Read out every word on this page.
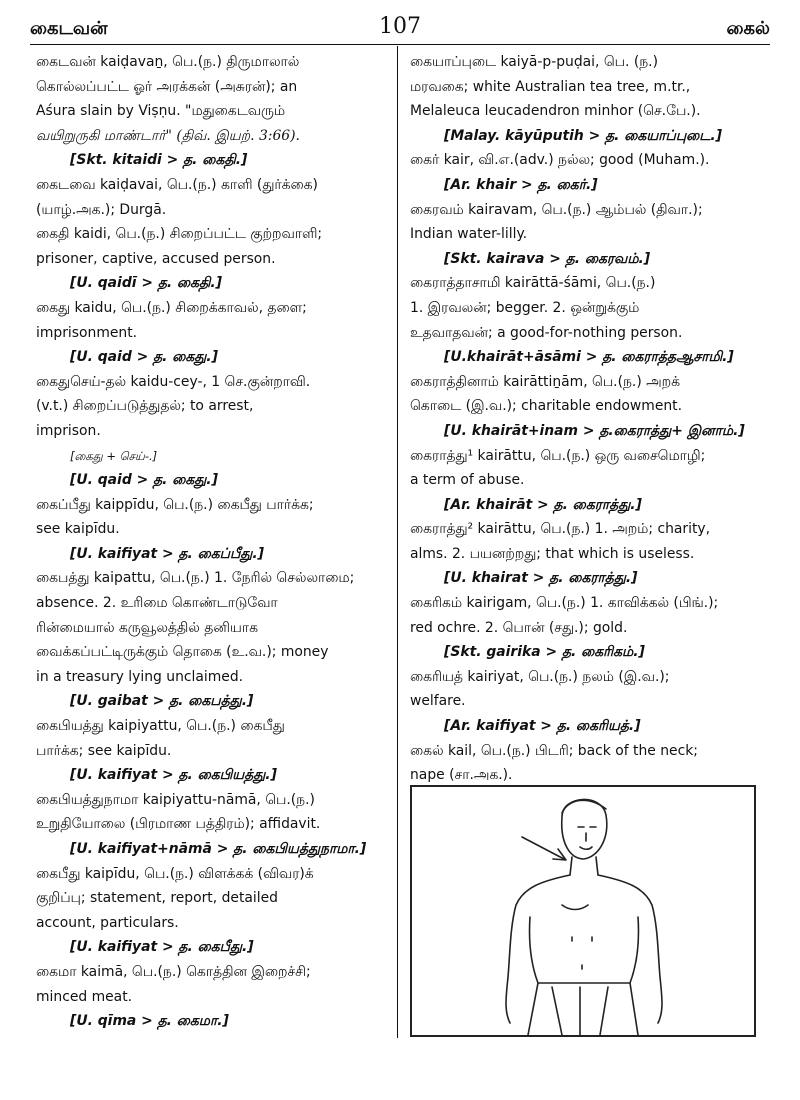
கைடவன்	107	கைல்
கைடவன் kaiḍavaṉ, பெ.(ந.) திருமாலால்
கொல்லப்பட்ட ஓர் அரக்கன் (அசுரன்); an
Aśura slain by Viṣṇu. "மதுகைடவரும்
வயிறுருகி மாண்டார்" (திவ். இயற். 3:66).
[Skt. kitaidi > த. கைதி.]
கைடவை kaiḍavai, பெ.(ந.) காளி (துர்க்கை)
(யாழ்.அக.); Durgā.
கைதி kaidi, பெ.(ந.) சிறைப்பட்ட குற்றவாளி;
prisoner, captive, accused person.
[U. qaidī > த. கைதி.]
கைது kaidu, பெ.(ந.) சிறைக்காவல், தளை;
imprisonment.
[U. qaid > த. கைது.]
கைதுசெய்-தல் kaidu-cey-, 1 செ.குன்றாவி.
(v.t.) சிறைப்படுத்துதல்; to arrest,
imprison.
[கைது + செய்-.]
[U. qaid > த. கைது.]
கைப்பீது kaippīdu, பெ.(ந.) கைபீது பார்க்க;
see kaipīdu.
[U. kaifiyat > த. கைப்பீது.]
கைபத்து kaipattu, பெ.(ந.) 1. நேரில் செல்லாமை;
absence. 2. உரிமை கொண்டாடுவோ
ரின்மையால் கருவூலத்தில் தனியாக
வைக்கப்பட்டிருக்கும் தொகை (உ.வ.); money
in a treasury lying unclaimed.
[U. gaibat > த. கைபத்து.]
கைபியத்து kaipiyattu, பெ.(ந.) கைபீது
பார்க்க; see kaipīdu.
[U. kaifiyat > த. கைபியத்து.]
கைபியத்துநாமா kaipiyattu-nāmā, பெ.(ந.)
உறுதியோலை (பிரமாண பத்திரம்); affidavit.
[U. kaifiyat+nāmā > த. கைபியத்துநாமா.]
கைபீது kaipīdu, பெ.(ந.) விளக்கக் (விவர)க்
குறிப்பு; statement, report, detailed
account, particulars.
[U. kaifiyat > த. கைபீது.]
கைமா kaimā, பெ.(ந.) கொத்தின இறைச்சி;
minced meat.
[U. qīma > த. கைமா.]
கையாப்புடை kaiyā-p-puḍai, பெ. (ந.)
மரவகை; white Australian tea tree, m.tr.,
Melaleuca leucadendron minhor (செ.பே.).
[Malay. kāyūputih > த. கையாப்புடை.]
கைர் kair, வி.எ.(adv.) நல்ல; good (Muham.).
[Ar. khair > த. கைர்.]
கைரவம் kairavam, பெ.(ந.) ஆம்பல் (திவா.);
Indian water-lilly.
[Skt. kairava > த. கைரவம்.]
கைராத்தாசாமி kairāttā-śāmi, பெ.(ந.)
1. இரவலன்; begger. 2. ஒன்றுக்கும்
உதவாதவன்; a good-for-nothing person.
[U.khairāt+āsāmi > த. கைராத்தஆசாமி.]
கைராத்தினாம் kairāttiṉām, பெ.(ந.) அறக்
கொடை (இ.வ.); charitable endowment.
[U. khairāt+inam > த.கைராத்து+ இனாம்.]
கைராத்து¹ kairāttu, பெ.(ந.) ஒரு வசைமொழி;
a term of abuse.
[Ar. khairāt > த. கைராத்து.]
கைராத்து² kairāttu, பெ.(ந.) 1. அறம்; charity,
alms. 2. பயனற்றது; that which is useless.
[U. khairat > த. கைராத்து.]
கைரிகம் kairigam, பெ.(ந.) 1. காவிக்கல் (பிங்.);
red ochre. 2. பொன் (சது.); gold.
[Skt. gairika > த. கைரிகம்.]
கைரியத் kairiyat, பெ.(ந.) நலம் (இ.வ.);
welfare.
[Ar. kaifiyat > த. கைரியத்.]
கைல் kail, பெ.(ந.) பிடரி; back of the neck;
nape (சா.அக.).
